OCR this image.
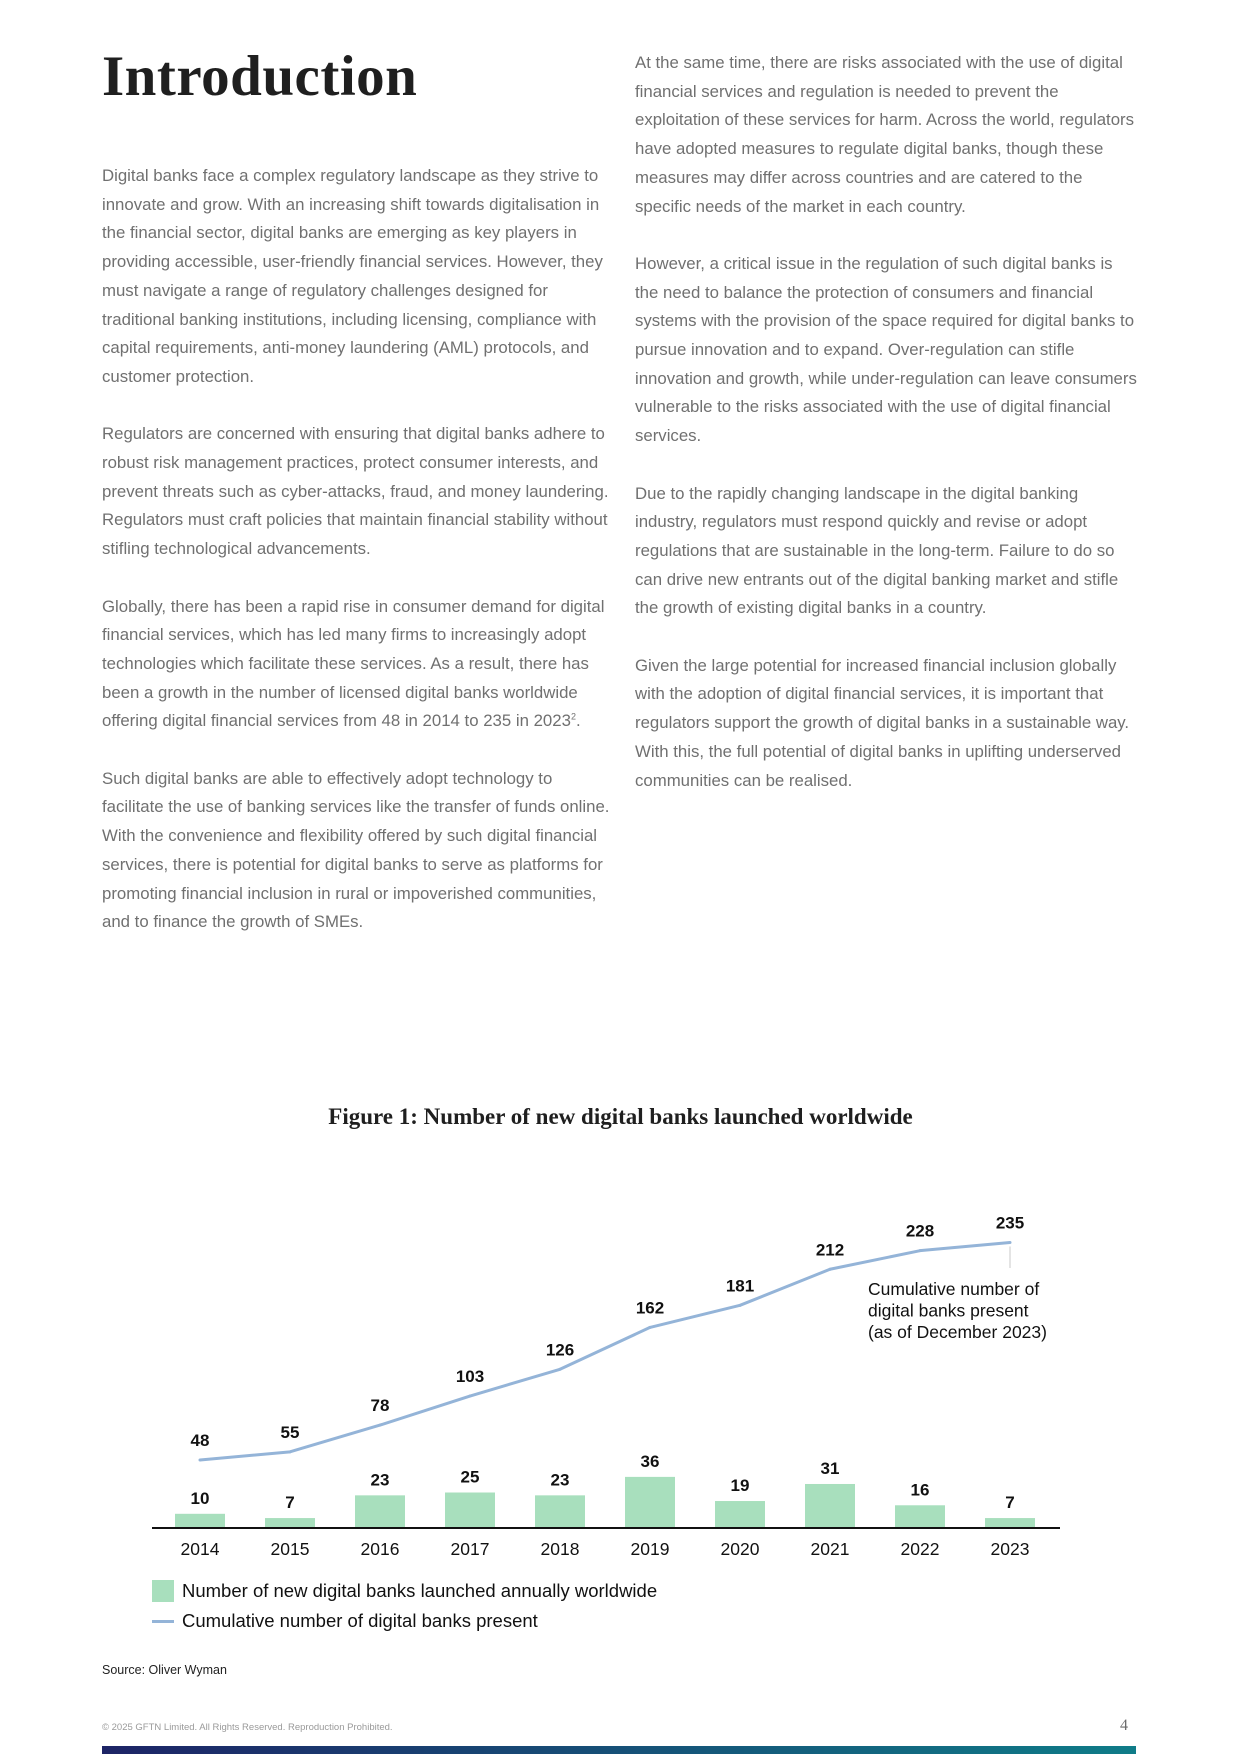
Introduction

Digital banks face a complex regulatory landscape as they strive to innovate and grow. With an increasing shift towards digitalisation in the financial sector, digital banks are emerging as key players in providing accessible, user-friendly financial services. However, they must navigate a range of regulatory challenges designed for traditional banking institutions, including licensing, compliance with capital requirements, anti-money laundering (AML) protocols, and customer protection.

Regulators are concerned with ensuring that digital banks adhere to robust risk management practices, protect consumer interests, and prevent threats such as cyber-attacks, fraud, and money laundering. Regulators must craft policies that maintain financial stability without stifling technological advancements.

Globally, there has been a rapid rise in consumer demand for digital financial services, which has led many firms to increasingly adopt technologies which facilitate these services. As a result, there has been a growth in the number of licensed digital banks worldwide offering digital financial services from 48 in 2014 to 235 in 2023$^2$.

Such digital banks are able to effectively adopt technology to facilitate the use of banking services like the transfer of funds online. With the convenience and flexibility offered by such digital financial services, there is potential for digital banks to serve as platforms for promoting financial inclusion in rural or impoverished communities, and to finance the growth of SMEs.

At the same time, there are risks associated with the use of digital financial services and regulation is needed to prevent the exploitation of these services for harm. Across the world, regulators have adopted measures to regulate digital banks, though these measures may differ across countries and are catered to the specific needs of the market in each country.

However, a critical issue in the regulation of such digital banks is the need to balance the protection of consumers and financial systems with the provision of the space required for digital banks to pursue innovation and to expand. Over-regulation can stifle innovation and growth, while under-regulation can leave consumers vulnerable to the risks associated with the use of digital financial services.

Due to the rapidly changing landscape in the digital banking industry, regulators must respond quickly and revise or adopt regulations that are sustainable in the long-term. Failure to do so can drive new entrants out of the digital banking market and stifle the growth of existing digital banks in a country.

Given the large potential for increased financial inclusion globally with the adoption of digital financial services, it is important that regulators support the growth of digital banks in a sustainable way. With this, the full potential of digital banks in uplifting underserved communities can be realised.

Figure 1: Number of new digital banks launched worldwide
10	7
23	25	23
36
19
31
16
7
2014	2015	2016	2017	2018	2019	2020	2021	2022	2023
48	55
78
103
126
162
181
212
228	235
Cumulative number of
digital banks present
(as of December 2023)
Number of new digital banks launched annually worldwide
Cumulative number of digital banks present
Source: Oliver Wyman
© 2025 GFTN Limited. All Rights Reserved. Reproduction Prohibited.	4
